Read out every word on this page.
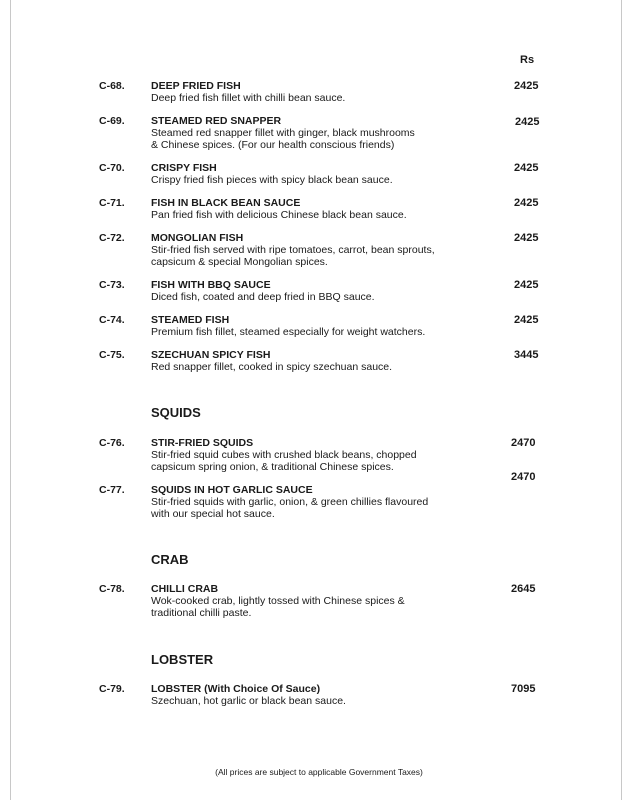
Rs
C-68.	DEEP FRIED FISH
Deep fried fish fillet with chilli bean sauce.
2425
C-69.	STEAMED RED SNAPPER
Steamed red snapper fillet with ginger, black mushrooms
& Chinese spices. (For our health conscious friends)
2425
C-70.	CRISPY FISH
Crispy fried fish pieces with spicy black bean sauce.
2425
C-71.	FISH IN BLACK BEAN SAUCE
Pan fried fish with delicious Chinese black bean sauce.
2425
C-72.	MONGOLIAN FISH
Stir-fried fish served with ripe tomatoes, carrot, bean sprouts,
capsicum & special Mongolian spices.
2425
C-73.	FISH WITH BBQ SAUCE
Diced fish, coated and deep fried in BBQ sauce.
2425
C-74.	STEAMED FISH
Premium fish fillet, steamed especially for weight watchers.
2425
C-75.	SZECHUAN SPICY FISH
Red snapper fillet, cooked in spicy szechuan sauce.
3445
SQUIDS
C-76.	STIR-FRIED SQUIDS
Stir-fried squid cubes with crushed black beans, chopped
capsicum spring onion, & traditional Chinese spices.
2470
C-77.	SQUIDS IN HOT GARLIC SAUCE
Stir-fried squids with garlic, onion, & green chillies flavoured
with our special hot sauce.
2470
CRAB
C-78.	CHILLI CRAB
Wok-cooked crab, lightly tossed with Chinese spices &
traditional chilli paste.
2645
LOBSTER
C-79.	LOBSTER (With Choice Of Sauce)
Szechuan, hot garlic or black bean sauce.
7095
(All prices are subject to applicable Government Taxes)
